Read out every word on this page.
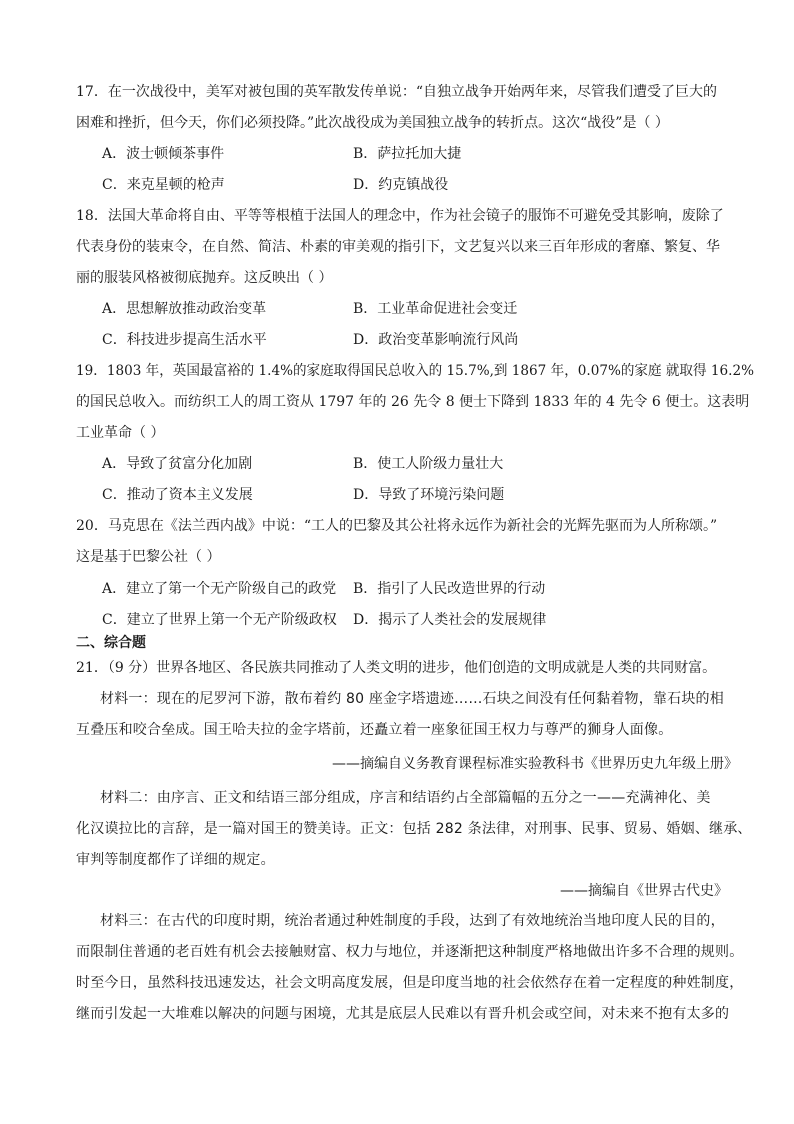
17．在一次战役中，美军对被包围的英军散发传单说：“自独立战争开始两年来，尽管我们遭受了巨大的
困难和挫折，但今天，你们必须投降。”此次战役成为美国独立战争的转折点。这次“战役”是（ ）
A．波士顿倾茶事件	B．萨拉托加大捷
C．来克星顿的枪声	D．约克镇战役
18．法国大革命将自由、平等等根植于法国人的理念中，作为社会镜子的服饰不可避免受其影响，废除了
代表身份的装束令，在自然、简洁、朴素的审美观的指引下，文艺复兴以来三百年形成的奢靡、繁复、华
丽的服装风格被彻底抛弃。这反映出（ ）
A．思想解放推动政治变革	B．工业革命促进社会变迁
C．科技进步提高生活水平	D．政治变革影响流行风尚
19．1803 年，英国最富裕的 1.4%的家庭取得国民总收入的 15.7%,到 1867 年，0.07%的家庭 就取得 16.2%
的国民总收入。而纺织工人的周工资从 1797 年的 26 先令 8 便士下降到 1833 年的 4 先令 6 便士。这表明
工业革命（ ）
A．导致了贫富分化加剧	B．使工人阶级力量壮大
C．推动了资本主义发展	D．导致了环境污染问题
20．马克思在《法兰西内战》中说：“工人的巴黎及其公社将永远作为新社会的光辉先驱而为人所称颂。”
这是基于巴黎公社（ ）
A．建立了第一个无产阶级自己的政党 B．指引了人民改造世界的行动
C．建立了世界上第一个无产阶级政权 D．揭示了人类社会的发展规律
二、综合题
21．（9 分）世界各地区、各民族共同推动了人类文明的进步，他们创造的文明成就是人类的共同财富。
材料一：现在的尼罗河下游，散布着约 80 座金字塔遗迹……石块之间没有任何黏着物，靠石块的相
互叠压和咬合垒成。国王哈夫拉的金字塔前，还矗立着一座象征国王权力与尊严的狮身人面像。
——摘编自义务教育课程标准实验教科书《世界历史九年级上册》
材料二：由序言、正文和结语三部分组成，序言和结语约占全部篇幅的五分之一——充满神化、美
化汉谟拉比的言辞，是一篇对国王的赞美诗。正文：包括 282 条法律，对刑事、民事、贸易、婚姻、继承、
审判等制度都作了详细的规定。
——摘编自《世界古代史》
材料三：在古代的印度时期，统治者通过种姓制度的手段，达到了有效地统治当地印度人民的目的，
而限制住普通的老百姓有机会去接触财富、权力与地位，并逐渐把这种制度严格地做出许多不合理的规则。
时至今日，虽然科技迅速发达，社会文明高度发展，但是印度当地的社会依然存在着一定程度的种姓制度，
继而引发起一大堆难以解决的问题与困境，尤其是底层人民难以有晋升机会或空间，对未来不抱有太多的
